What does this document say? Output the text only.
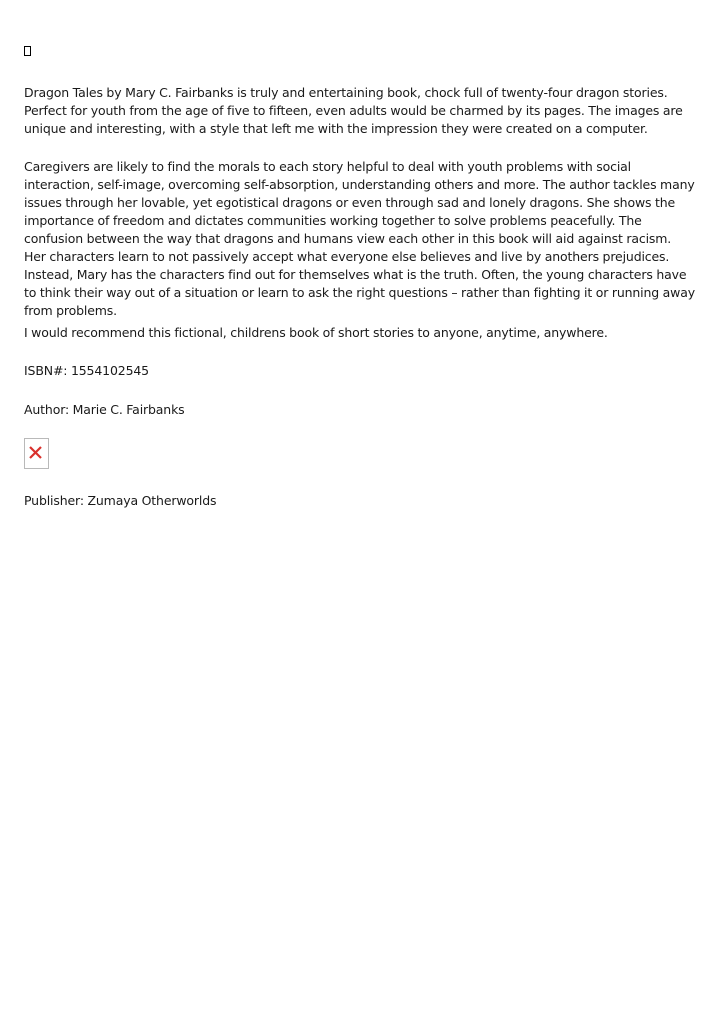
Dragon Tales by Mary C. Fairbanks is truly and entertaining book, chock full of twenty-four dragon stories. Perfect for youth from the age of five to fifteen, even adults would be charmed by its pages. The images are unique and interesting, with a style that left me with the impression they were created on a computer.

Caregivers are likely to find the morals to each story helpful to deal with youth problems with social interaction, self-image, overcoming self-absorption, understanding others and more. The author tackles many issues through her lovable, yet egotistical dragons or even through sad and lonely dragons. She shows the importance of freedom and dictates communities working together to solve problems peacefully. The confusion between the way that dragons and humans view each other in this book will aid against racism. Her characters learn to not passively accept what everyone else believes and live by anothers prejudices. Instead, Mary has the characters find out for themselves what is the truth. Often, the young characters have to think their way out of a situation or learn to ask the right questions – rather than fighting it or running away from problems.

I would recommend this fictional, childrens book of short stories to anyone, anytime, anywhere.

ISBN#: 1554102545

Author: Marie C. Fairbanks

Publisher: Zumaya Otherworlds
